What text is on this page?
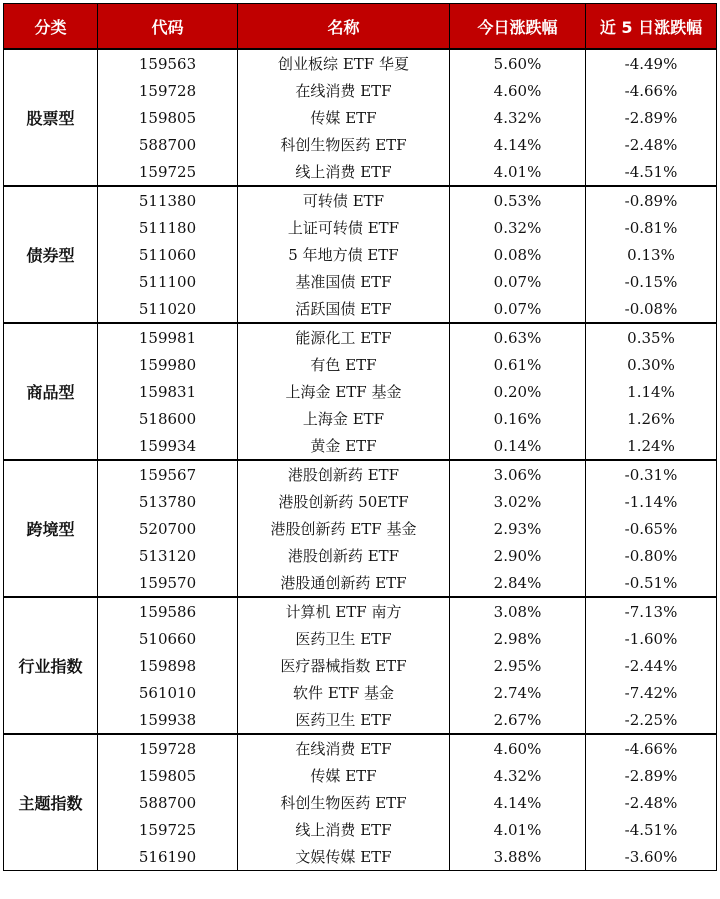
分类	代码	名称	今日涨跌幅	近 5 日涨跌幅
股票型	159563	创业板综 ETF 华夏	5.60%	-4.49%
	159728	在线消费 ETF	4.60%	-4.66%
	159805	传媒 ETF	4.32%	-2.89%
	588700	科创生物医药 ETF	4.14%	-2.48%
	159725	线上消费 ETF	4.01%	-4.51%
债券型	511380	可转债 ETF	0.53%	-0.89%
	511180	上证可转债 ETF	0.32%	-0.81%
	511060	5 年地方债 ETF	0.08%	0.13%
	511100	基准国债 ETF	0.07%	-0.15%
	511020	活跃国债 ETF	0.07%	-0.08%
商品型	159981	能源化工 ETF	0.63%	0.35%
	159980	有色 ETF	0.61%	0.30%
	159831	上海金 ETF 基金	0.20%	1.14%
	518600	上海金 ETF	0.16%	1.26%
	159934	黄金 ETF	0.14%	1.24%
跨境型	159567	港股创新药 ETF	3.06%	-0.31%
	513780	港股创新药 50ETF	3.02%	-1.14%
	520700	港股创新药 ETF 基金	2.93%	-0.65%
	513120	港股创新药 ETF	2.90%	-0.80%
	159570	港股通创新药 ETF	2.84%	-0.51%
行业指数	159586	计算机 ETF 南方	3.08%	-7.13%
	510660	医药卫生 ETF	2.98%	-1.60%
	159898	医疗器械指数 ETF	2.95%	-2.44%
	561010	软件 ETF 基金	2.74%	-7.42%
	159938	医药卫生 ETF	2.67%	-2.25%
主题指数	159728	在线消费 ETF	4.60%	-4.66%
	159805	传媒 ETF	4.32%	-2.89%
	588700	科创生物医药 ETF	4.14%	-2.48%
	159725	线上消费 ETF	4.01%	-4.51%
	516190	文娱传媒 ETF	3.88%	-3.60%
